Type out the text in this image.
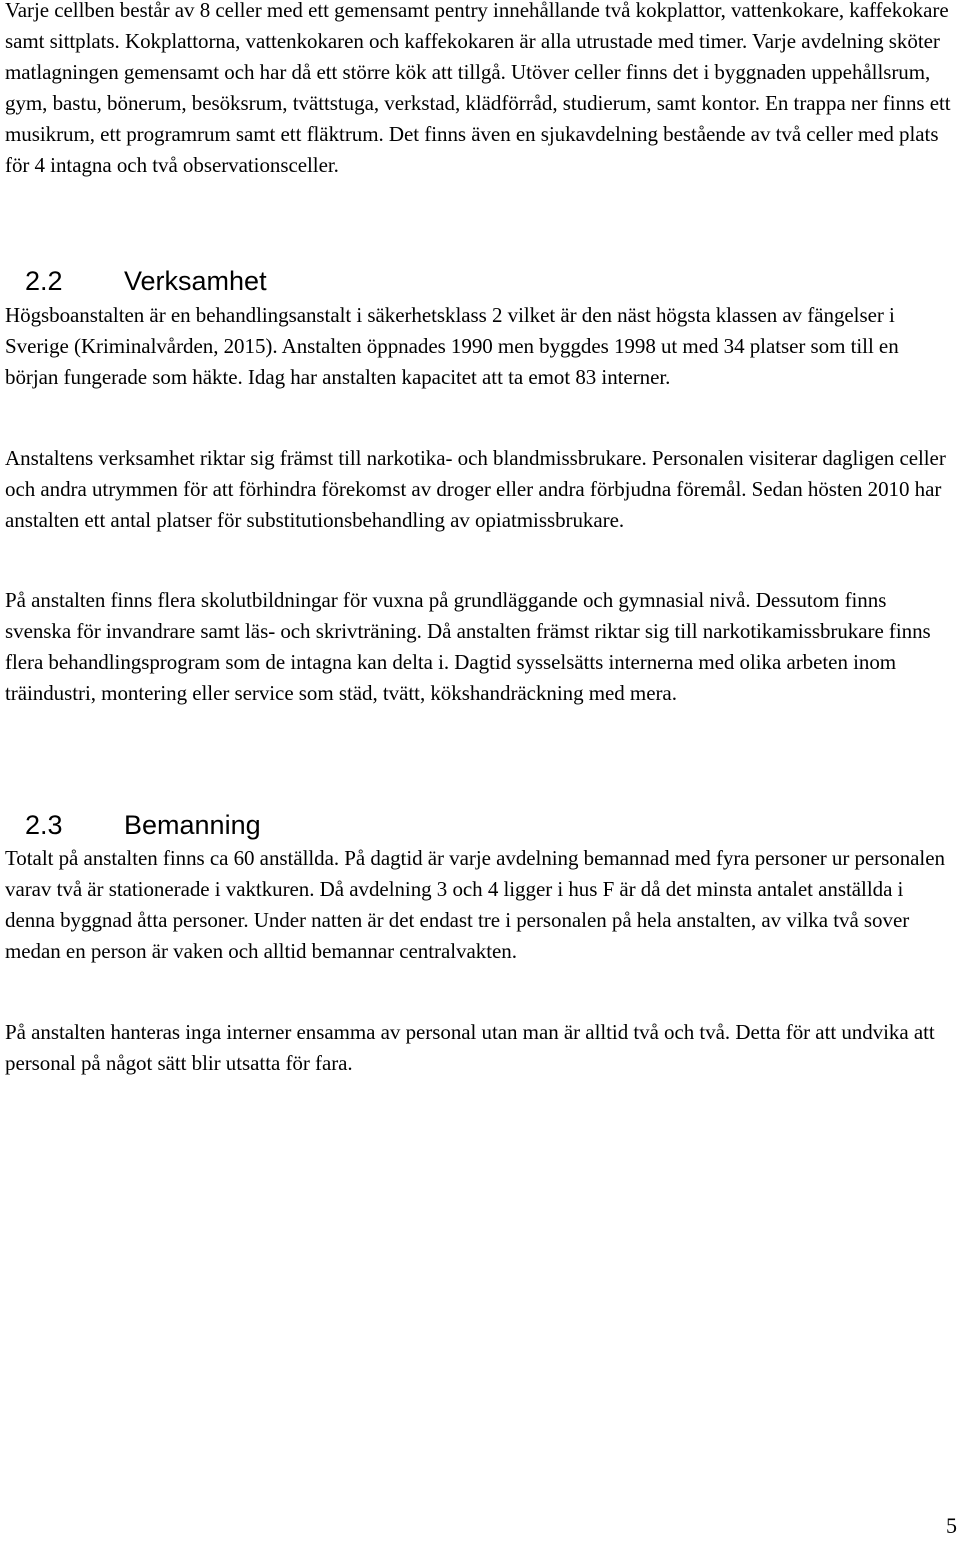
Varje cellben består av 8 celler med ett gemensamt pentry innehållande två kokplattor, vattenkokare, kaffekokare samt sittplats. Kokplattorna, vattenkokaren och kaffekokaren är alla utrustade med timer. Varje avdelning sköter matlagningen gemensamt och har då ett större kök att tillgå. Utöver celler finns det i byggnaden uppehållsrum, gym, bastu, bönerum, besöksrum, tvättstuga, verkstad, klädförråd, studierum, samt kontor. En trappa ner finns ett musikrum, ett programrum samt ett fläktrum. Det finns även en sjukavdelning bestående av två celler med plats för 4 intagna och två observationsceller.

2.2 Verksamhet

Högsboanstalten är en behandlingsanstalt i säkerhetsklass 2 vilket är den näst högsta klassen av fängelser i Sverige (Kriminalvården, 2015). Anstalten öppnades 1990 men byggdes 1998 ut med 34 platser som till en början fungerade som häkte. Idag har anstalten kapacitet att ta emot 83 interner.

Anstaltens verksamhet riktar sig främst till narkotika- och blandmissbrukare. Personalen visiterar dagligen celler och andra utrymmen för att förhindra förekomst av droger eller andra förbjudna föremål. Sedan hösten 2010 har anstalten ett antal platser för substitutionsbehandling av opiatmissbrukare.

På anstalten finns flera skolutbildningar för vuxna på grundläggande och gymnasial nivå. Dessutom finns svenska för invandrare samt läs- och skrivträning. Då anstalten främst riktar sig till narkotikamissbrukare finns flera behandlingsprogram som de intagna kan delta i. Dagtid sysselsätts internerna med olika arbeten inom träindustri, montering eller service som städ, tvätt, kökshandräckning med mera.

2.3 Bemanning

Totalt på anstalten finns ca 60 anställda. På dagtid är varje avdelning bemannad med fyra personer ur personalen varav två är stationerade i vaktkuren. Då avdelning 3 och 4 ligger i hus F är då det minsta antalet anställda i denna byggnad åtta personer. Under natten är det endast tre i personalen på hela anstalten, av vilka två sover medan en person är vaken och alltid bemannar centralvakten.

På anstalten hanteras inga interner ensamma av personal utan man är alltid två och två. Detta för att undvika att personal på något sätt blir utsatta för fara.

5
